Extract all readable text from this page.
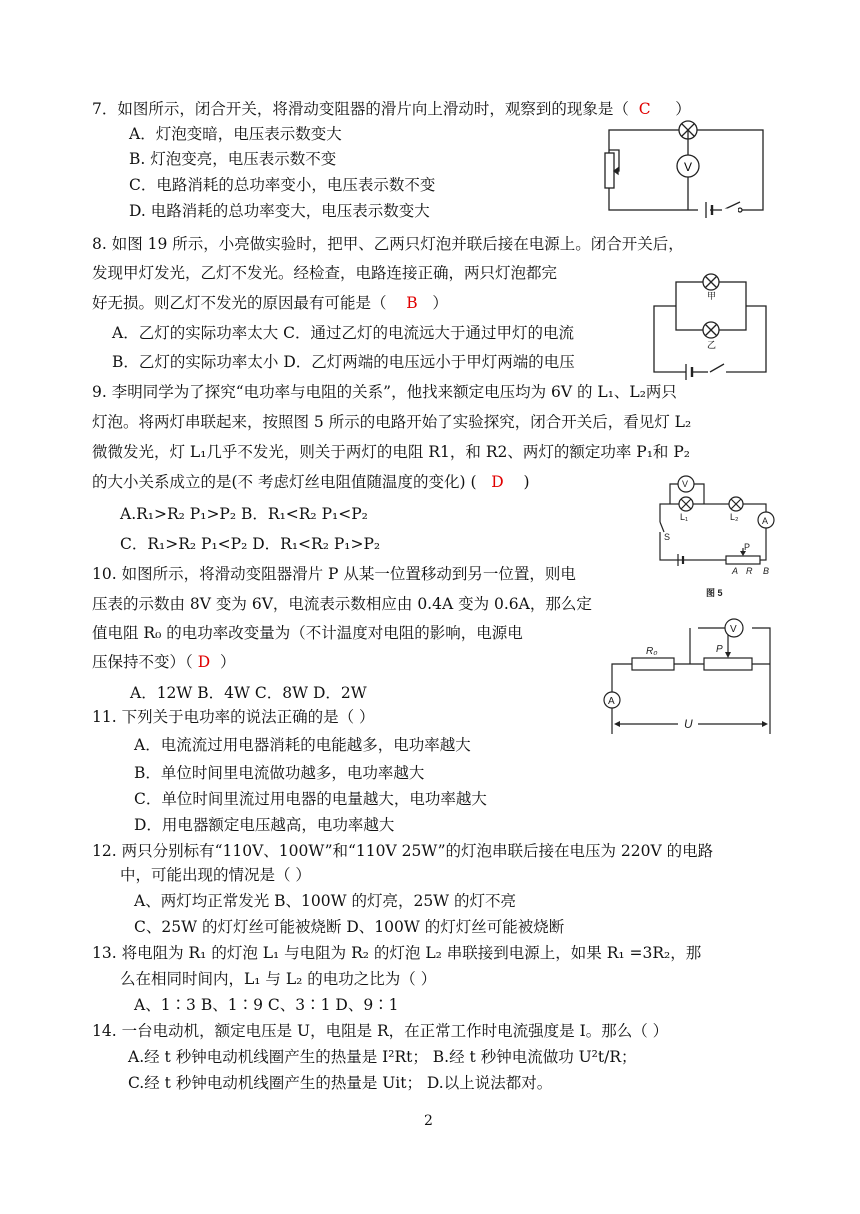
7．如图所示，闭合开关，将滑动变阻器的滑片向上滑动时，观察到的现象是（ C ）
A．灯泡变暗，电压表示数变大
B. 灯泡变亮，电压表示数不变
C．电路消耗的总功率变小，电压表示数不变
D. 电路消耗的总功率变大，电压表示数变大
V
8. 如图 19 所示，小亮做实验时，把甲、乙两只灯泡并联后接在电源上。闭合开关后，
发现甲灯发光，乙灯不发光。经检查，电路连接正确，两只灯泡都完
好无损。则乙灯不发光的原因最有可能是（ B ）
A．乙灯的实际功率太大 C．通过乙灯的电流远大于通过甲灯的电流
B．乙灯的实际功率太小 D．乙灯两端的电压远小于甲灯两端的电压
甲
乙
9. 李明同学为了探究“电功率与电阻的关系”，他找来额定电压均为 6V 的 L₁、L₂两只
灯泡。将两灯串联起来，按照图 5 所示的电路开始了实验探究，闭合开关后，看见灯 L₂
微微发光，灯 L₁几乎不发光，则关于两灯的电阻 R1，和 R2、两灯的额定功率 P₁和 P₂
的大小关系成立的是(不 考虑灯丝电阻值随温度的变化) ( D )
A.R₁>R₂ P₁>P₂ B．R₁<R₂ P₁<P₂
C．R₁>R₂ P₁<P₂ D．R₁<R₂ P₁>P₂
V
L₁	L₂	A
S
P
A R B
图 5
10. 如图所示，将滑动变阻器滑片 P 从某一位置移动到另一位置，则电
压表的示数由 8V 变为 6V，电流表示数相应由 0.4A 变为 0.6A，那么定
值电阻 R₀ 的电功率改变量为（不计温度对电阻的影响，电源电
压保持不变）（ D ）
A．12W B．4W C．8W D．2W
V
R₀	P
A
U
11. 下列关于电功率的说法正确的是（ ）
A．电流流过用电器消耗的电能越多，电功率越大
B．单位时间里电流做功越多，电功率越大
C．单位时间里流过用电器的电量越大，电功率越大
D．用电器额定电压越高，电功率越大
12. 两只分别标有“110V、100W”和“110V 25W”的灯泡串联后接在电压为 220V 的电路
中，可能出现的情况是（ ）
A、两灯均正常发光 B、100W 的灯亮，25W 的灯不亮
C、25W 的灯灯丝可能被烧断 D、100W 的灯灯丝可能被烧断
13. 将电阻为 R₁ 的灯泡 L₁ 与电阻为 R₂ 的灯泡 L₂ 串联接到电源上，如果 R₁ =3R₂，那
么在相同时间内，L₁ 与 L₂ 的电功之比为（ ）
A、1∶3 B、1∶9 C、3∶1 D、9∶1
14. 一台电动机，额定电压是 U，电阻是 R，在正常工作时电流强度是 I。那么（ ）
A.经 t 秒钟电动机线圈产生的热量是 I²Rt； B.经 t 秒钟电流做功 U²t/R；
C.经 t 秒钟电动机线圈产生的热量是 Uit； D.以上说法都对。
2
